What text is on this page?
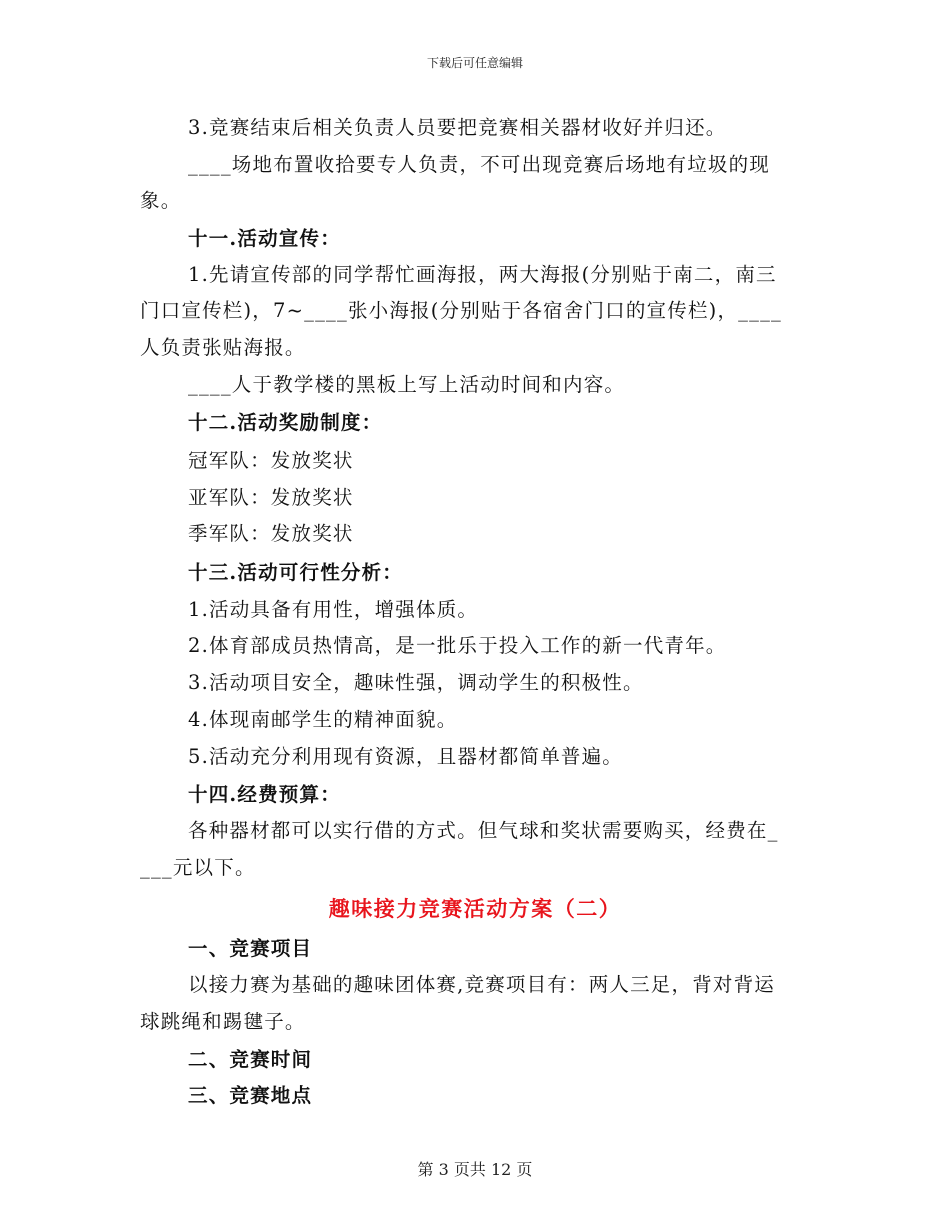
下载后可任意编辑
3.竞赛结束后相关负责人员要把竞赛相关器材收好并归还。
____场地布置收拾要专人负责，不可出现竞赛后场地有垃圾的现
象。
十一.活动宣传：
1.先请宣传部的同学帮忙画海报，两大海报(分别贴于南二，南三
门口宣传栏)，7~____张小海报(分别贴于各宿舍门口的宣传栏)，____
人负责张贴海报。
____人于教学楼的黑板上写上活动时间和内容。
十二.活动奖励制度：
冠军队：发放奖状
亚军队：发放奖状
季军队：发放奖状
十三.活动可行性分析：
1.活动具备有用性，增强体质。
2.体育部成员热情高，是一批乐于投入工作的新一代青年。
3.活动项目安全，趣味性强，调动学生的积极性。
4.体现南邮学生的精神面貌。
5.活动充分利用现有资源，且器材都简单普遍。
十四.经费预算：
各种器材都可以实行借的方式。但气球和奖状需要购买，经费在_
___元以下。
趣味接力竞赛活动方案（二）
一、竞赛项目
以接力赛为基础的趣味团体赛,竞赛项目有：两人三足，背对背运
球跳绳和踢毽子。
二、竞赛时间
三、竞赛地点
第 3 页共 12 页
